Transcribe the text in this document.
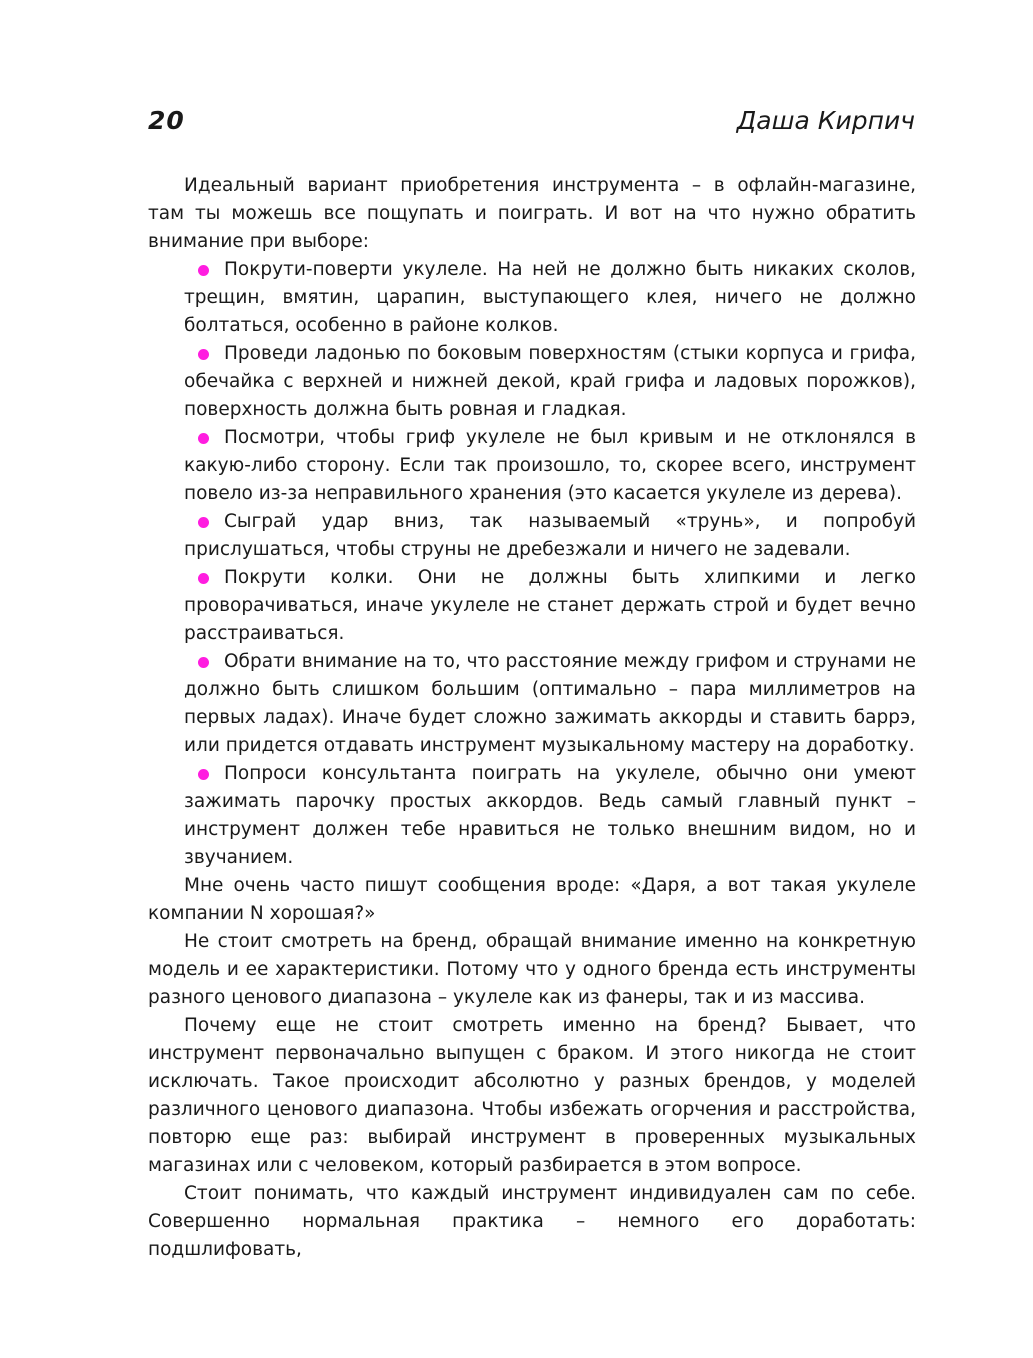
20	Даша Кирпич

Идеальный вариант приобретения инструмента – в офлайн-магазине, там ты можешь все пощупать и поиграть. И вот на что нужно обратить внимание при выборе:

Покрути-поверти укулеле. На ней не должно быть никаких сколов, трещин, вмятин, царапин, выступающего клея, ничего не должно болтаться, особенно в районе колков.
Проведи ладонью по боковым поверхностям (стыки корпуса и грифа, обечайка с верхней и нижней декой, край грифа и ладовых порожков), поверхность должна быть ровная и гладкая.
Посмотри, чтобы гриф укулеле не был кривым и не отклонялся в какую-либо сторону. Если так произошло, то, скорее всего, инструмент повело из-за неправильного хранения (это касается укулеле из дерева).
Сыграй удар вниз, так называемый «трунь», и попробуй прислушаться, чтобы струны не дребезжали и ничего не задевали.
Покрути колки. Они не должны быть хлипкими и легко проворачиваться, иначе укулеле не станет держать строй и будет вечно расстраиваться.
Обрати внимание на то, что расстояние между грифом и струнами не должно быть слишком большим (оптимально – пара миллиметров на первых ладах). Иначе будет сложно зажимать аккорды и ставить баррэ, или придется отдавать инструмент музыкальному мастеру на доработку.
Попроси консультанта поиграть на укулеле, обычно они умеют зажимать парочку простых аккордов. Ведь самый главный пункт – инструмент должен тебе нравиться не только внешним видом, но и звучанием.

Мне очень часто пишут сообщения вроде: «Даря, а вот такая укулеле компании N хорошая?»

Не стоит смотреть на бренд, обращай внимание именно на конкретную модель и ее характеристики. Потому что у одного бренда есть инструменты разного ценового диапазона – укулеле как из фанеры, так и из массива.

Почему еще не стоит смотреть именно на бренд? Бывает, что инструмент первоначально выпущен с браком. И этого никогда не стоит исключать. Такое происходит абсолютно у разных брендов, у моделей различного ценового диапазона. Чтобы избежать огорчения и расстройства, повторю еще раз: выбирай инструмент в проверенных музыкальных магазинах или с человеком, который разбирается в этом вопросе.

Стоит понимать, что каждый инструмент индивидуален сам по себе. Совершенно нормальная практика – немного его доработать: подшлифовать,
